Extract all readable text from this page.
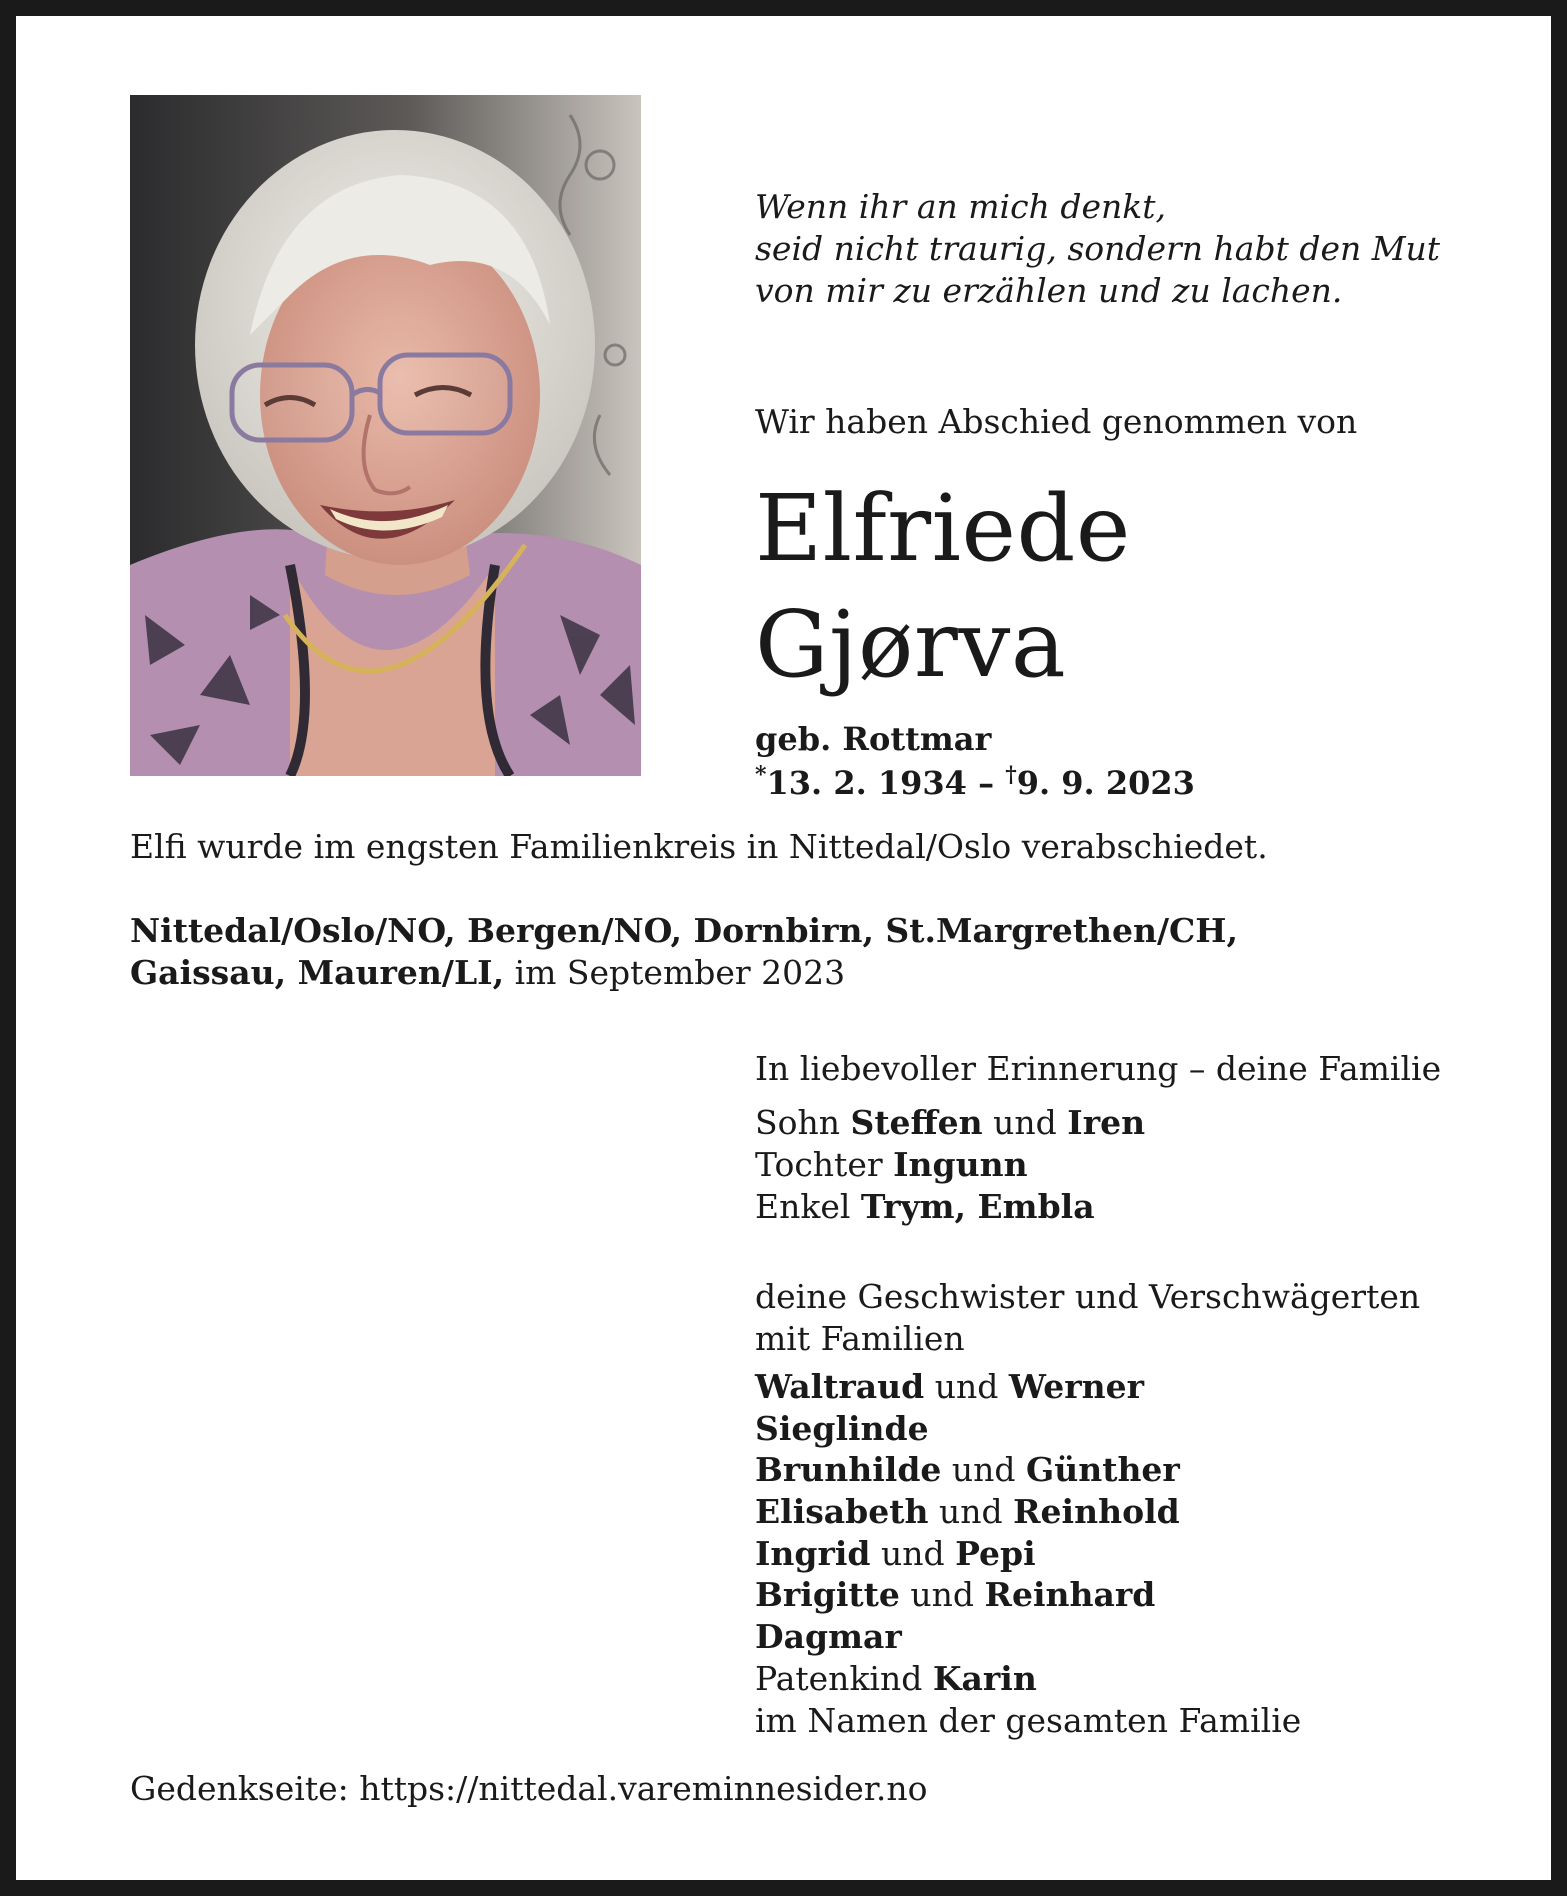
Wenn ihr an mich denkt,
seid nicht traurig, sondern habt den Mut
von mir zu erzählen und zu lachen.
Wir haben Abschied genommen von
Elfriede
Gjørva
geb. Rottmar
*13. 2. 1934 – †9. 9. 2023
Elfi wurde im engsten Familienkreis in Nittedal/Oslo verabschiedet.
Nittedal/Oslo/NO, Bergen/NO, Dornbirn, St.Margrethen/CH,
Gaissau, Mauren/LI, im September 2023
In liebevoller Erinnerung – deine Familie
Sohn Steffen und Iren
Tochter Ingunn
Enkel Trym, Embla
deine Geschwister und Verschwägerten
mit Familien
Waltraud und Werner
Sieglinde
Brunhilde und Günther
Elisabeth und Reinhold
Ingrid und Pepi
Brigitte und Reinhard
Dagmar
Patenkind Karin
im Namen der gesamten Familie
Gedenkseite: https://nittedal.vareminnesider.no
